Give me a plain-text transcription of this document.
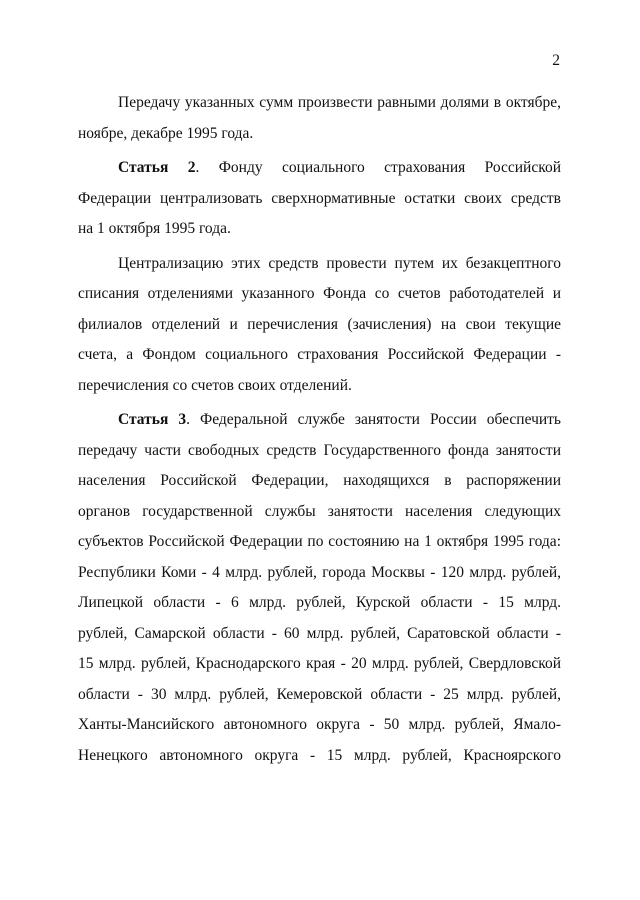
2
Передачу указанных сумм произвести равными долями в октябре,
ноябре, декабре 1995 года.
Статья 2. Фонду социального страхования Российской
Федерации централизовать сверхнормативные остатки своих средств
на 1 октября 1995 года.
Централизацию этих средств провести путем их безакцептного
списания отделениями указанного Фонда со счетов работодателей и
филиалов отделений и перечисления (зачисления) на свои текущие
счета, а Фондом социального страхования Российской Федерации -
перечисления со счетов своих отделений.
Статья 3. Федеральной службе занятости России обеспечить
передачу части свободных средств Государственного фонда занятости
населения Российской Федерации, находящихся в распоряжении
органов государственной службы занятости населения следующих
субъектов Российской Федерации по состоянию на 1 октября 1995 года:
Республики Коми - 4 млрд. рублей, города Москвы - 120 млрд. рублей,
Липецкой области - 6 млрд. рублей, Курской области - 15 млрд.
рублей, Самарской области - 60 млрд. рублей, Саратовской области -
15 млрд. рублей, Краснодарского края - 20 млрд. рублей, Свердловской
области - 30 млрд. рублей, Кемеровской области - 25 млрд. рублей,
Ханты-Мансийского автономного округа - 50 млрд. рублей, Ямало-
Ненецкого автономного округа - 15 млрд. рублей, Красноярского
